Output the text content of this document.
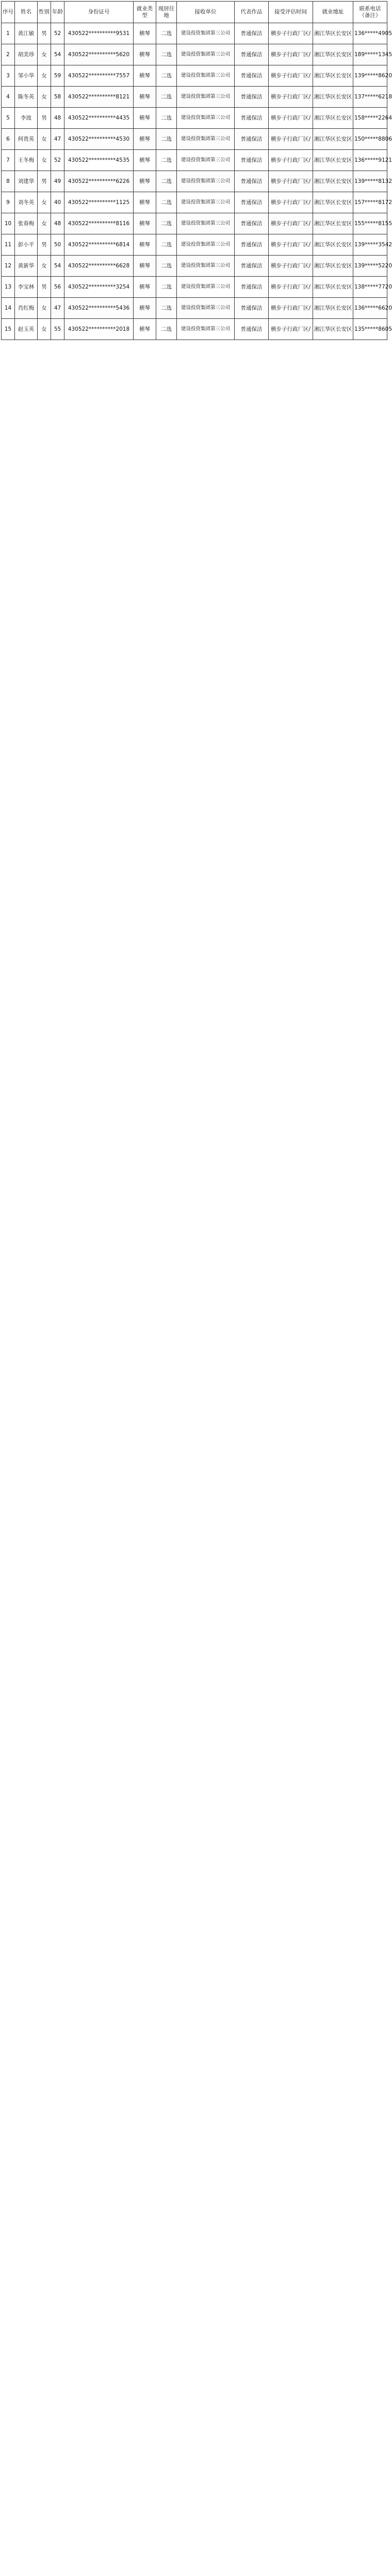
序号	姓名	性别	年龄	身份证号	就业类型	现居住地	接收单位	代表作品	接受评估时间	就业地址	联系电话（备注）
1	黄江敏	男	52	430522**********9531	横琴	二选	建设投资集团第三公司	普通保洁	横步子行政厂区/	湘江华区长安区	136*****4905
2	胡美珍	女	54	430522**********5620	横琴	二选	建设投资集团第三公司	普通保洁	横步子行政厂区/	湘江华区长安区	189*****1345
3	邹小华	女	59	430522**********7557	横琴	二选	建设投资集团第三公司	普通保洁	横步子行政厂区/	湘江华区长安区	139*****8620
4	陈冬英	女	58	430522**********8121	横琴	二选	建设投资集团第三公司	普通保洁	横步子行政厂区/	湘江华区长安区	137*****6218
5	李波	男	48	430522**********4435	横琴	二选	建设投资集团第三公司	普通保洁	横步子行政厂区/	湘江华区长安区	158*****2264
6	何贵英	女	47	430522**********4530	横琴	二选	建设投资集团第三公司	普通保洁	横步子行政厂区/	湘江华区长安区	150*****8806
7	王冬梅	女	52	430522**********4535	横琴	二选	建设投资集团第三公司	普通保洁	横步子行政厂区/	湘江华区长安区	136*****9121
8	刘建华	男	49	430522**********6226	横琴	二选	建设投资集团第三公司	普通保洁	横步子行政厂区/	湘江华区长安区	139*****8132
9	刘冬英	女	40	430522**********1125	横琴	二选	建设投资集团第三公司	普通保洁	横步子行政厂区/	湘江华区长安区	157*****8172
10	张春梅	女	48	430522**********8116	横琴	二选	建设投资集团第三公司	普通保洁	横步子行政厂区/	湘江华区长安区	155*****8155
11	彭小平	男	50	430522**********6814	横琴	二选	建设投资集团第三公司	普通保洁	横步子行政厂区/	湘江华区长安区	139*****3542
12	黄新华	女	54	430522**********6628	横琴	二选	建设投资集团第三公司	普通保洁	横步子行政厂区/	湘江华区长安区	139*****5220
13	李宝林	男	56	430522**********3254	横琴	二选	建设投资集团第三公司	普通保洁	横步子行政厂区/	湘江华区长安区	138*****7720
14	肖红梅	女	47	430522**********5436	横琴	二选	建设投资集团第三公司	普通保洁	横步子行政厂区/	湘江华区长安区	136*****6620
15	赵玉英	女	55	430522**********2018	横琴	二选	建设投资集团第三公司	普通保洁	横步子行政厂区/	湘江华区长安区	135*****8605
